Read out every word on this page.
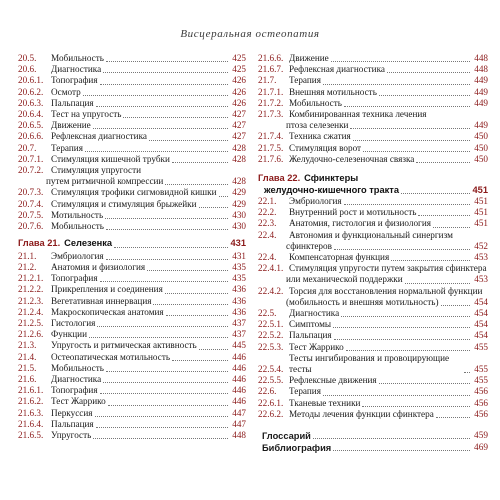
Висцеральная остеопатия
20.5.	Мобильность	425
20.6.	Диагностика	425
20.6.1. Топография	426
20.6.2. Осмотр	426
20.6.3. Пальпация	426
20.6.4. Тест на упругость	427
20.6.5. Движение	427
20.6.6. Рефлексная диагностика	427
20.7.	Терапия	428
20.7.1. Стимуляция кишечной трубки	428
20.7.2. Стимуляция упругости
путем ритмичной компрессии	428
20.7.3. Стимуляция трофики сигмовидной кишки 429
20.7.4. Стимуляция и стимуляция брыжейки	429
20.7.5. Мотильность	430
20.7.6. Мобильность	430
Глава 21. Селезенка	431
21.1.	Эмбриология	431
21.2.	Анатомия и физиология	435
21.2.1. Топография	435
21.2.2. Прикрепления и соединения	436
21.2.3. Вегетативная иннервация	436
21.2.4. Макроскопическая анатомия	436
21.2.5. Гистология	437
21.2.6. Функции	437
21.3.	Упругость и ритмическая активность	445
21.4.	Остеопатическая мотильность	446
21.5.	Мобильность	446
21.6.	Диагностика	446
21.6.1. Топография	446
21.6.2. Тест Жаррико	446
21.6.3. Перкуссия	447
21.6.4. Пальпация	447
21.6.5. Упругость	448
21.6.6. Движение	448
21.6.7. Рефлексная диагностика	448
21.7.	Терапия	449
21.7.1. Внешняя мотильность	449
21.7.2. Мобильность	449
21.7.3. Комбинированная техника лечения
птоза селезенки	449
21.7.4. Техника сжатия	450
21.7.5. Стимуляция ворот	450
21.7.6. Желудочно-селезеночная связка	450
Глава 22. Сфинктеры
желудочно-кишечного тракта	451
22.1.	Эмбриология	451
22.2.	Внутренний рост и мотильность	451
22.3.	Анатомия, гистология и физиология	451
22.4.	Автономия и функциональный синергизм
сфинктеров	452
22.4.	Компенсаторная функция	453
22.4.1. Стимуляция упругости путем закрытия сфинктера
или механической поддержки	453
22.4.2. Торсия для восстановления нормальной функции
(мобильность и внешняя мотильность)	454
22.5.	Диагностика	454
22.5.1. Симптомы	454
22.5.2. Пальпация	454
22.5.3. Тест Жаррико	455
22.5.4.
Тесты ингибирования и провоцирующие тесты	455
22.5.5. Рефлексные движения	455
22.6.	Терапия	456
22.6.1. Тканевые техники	456
22.6.2. Методы лечения функции сфинктера	456
Глоссарий	459
Библиография	469
